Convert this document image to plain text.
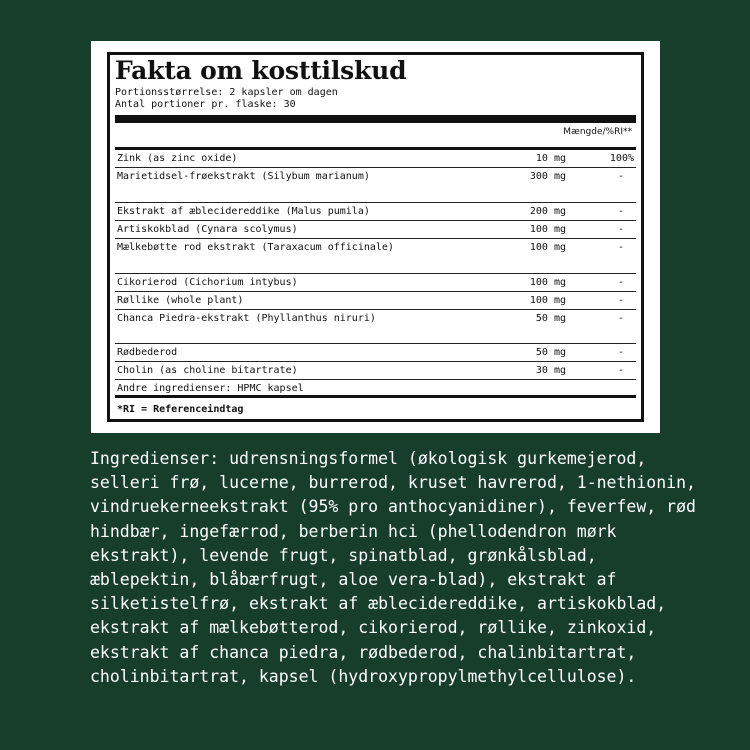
Fakta om kosttilskud
Portionsstørrelse: 2 kapsler om dagen
Antal portioner pr. flaske: 30
Mængde/%RI**
Zink (as zinc oxide)	10 mg	100%
Marietidsel-frøekstrakt (Silybum marianum)	300 mg	-
Ekstrakt af æblecidereddike (Malus pumila)	200 mg	-
Artiskokblad (Cynara scolymus)	100 mg	-
Mælkebøtte rod ekstrakt (Taraxacum officinale)	100 mg	-
Cikorierod (Cichorium intybus)	100 mg	-
Røllike (whole plant)	100 mg	-
Chanca Piedra-ekstrakt (Phyllanthus niruri)	50 mg	-
Rødbederod	50 mg	-
Cholin (as choline bitartrate)	30 mg	-
Andre ingredienser: HPMC kapsel
*RI = Referenceindtag
Ingredienser: udrensningsformel (økologisk gurkemejerod, selleri frø, lucerne, burrerod, kruset havrerod, 1-nethionin, vindruekerneekstrakt (95% pro anthocyanidiner), feverfew, rød hindbær, ingefærrod, berberin hci (phellodendron mørk ekstrakt), levende frugt, spinatblad, grønkålsblad, æblepektin, blåbærfrugt, aloe vera-blad), ekstrakt af silketistelfrø, ekstrakt af æblecidereddike, artiskokblad, ekstrakt af mælkebøtterod, cikorierod, røllike, zinkoxid, ekstrakt af chanca piedra, rødbederod, chalinbitartrat, cholinbitartrat, kapsel (hydroxypropylmethylcellulose).
